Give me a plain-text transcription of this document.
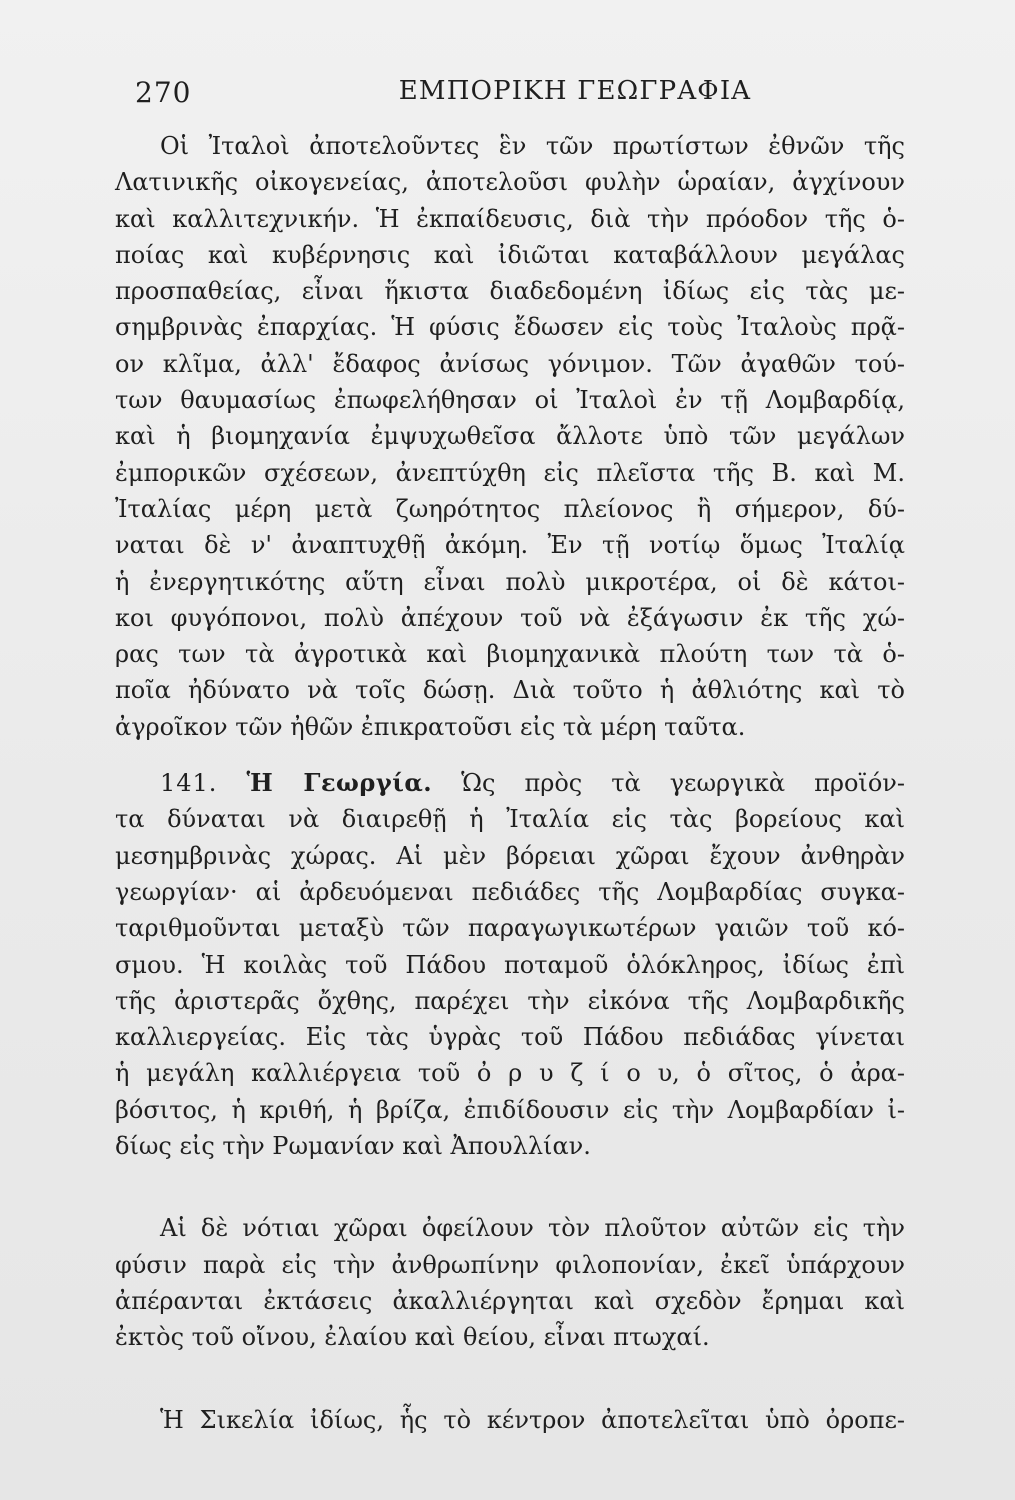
270	ΕΜΠΟΡΙΚΗ ΓΕΩΓΡΑΦΙΑ
Οἱ Ἰταλοὶ ἀποτελοῦντες ἓν τῶν πρωτίστων ἐθνῶν τῆς
Λατινικῆς οἰκογενείας, ἀποτελοῦσι φυλὴν ὡραίαν, ἀγχίνουν
καὶ καλλιτεχνικήν. Ἡ ἐκπαίδευσις, διὰ τὴν πρόοδον τῆς ὁ-
ποίας καὶ κυβέρνησις καὶ ἰδιῶται καταβάλλουν μεγάλας
προσπαθείας, εἶναι ἥκιστα διαδεδομένη ἰδίως εἰς τὰς με-
σημβρινὰς ἐπαρχίας. Ἡ φύσις ἔδωσεν εἰς τοὺς Ἰταλοὺς πρᾷ-
ον κλῖμα, ἀλλ' ἔδαφος ἀνίσως γόνιμον. Τῶν ἀγαθῶν τού-
των θαυμασίως ἐπωφελήθησαν οἱ Ἰταλοὶ ἐν τῇ Λομβαρδίᾳ,
καὶ ἡ βιομηχανία ἐμψυχωθεῖσα ἄλλοτε ὑπὸ τῶν μεγάλων
ἐμπορικῶν σχέσεων, ἀνεπτύχθη εἰς πλεῖστα τῆς Β. καὶ Μ.
Ἰταλίας μέρη μετὰ ζωηρότητος πλείονος ἢ σήμερον, δύ-
ναται δὲ ν' ἀναπτυχθῇ ἀκόμη. Ἐν τῇ νοτίῳ ὅμως Ἰταλίᾳ
ἡ ἐνεργητικότης αὕτη εἶναι πολὺ μικροτέρα, οἱ δὲ κάτοι-
κοι φυγόπονοι, πολὺ ἀπέχουν τοῦ νὰ ἐξάγωσιν ἐκ τῆς χώ-
ρας των τὰ ἀγροτικὰ καὶ βιομηχανικὰ πλούτη των τὰ ὁ-
ποῖα ἠδύνατο νὰ τοῖς δώσῃ. Διὰ τοῦτο ἡ ἀθλιότης καὶ τὸ
ἀγροῖκον τῶν ἠθῶν ἐπικρατοῦσι εἰς τὰ μέρη ταῦτα.
141. Ἡ Γεωργία. Ὡς πρὸς τὰ γεωργικὰ προϊόν-
τα δύναται νὰ διαιρεθῇ ἡ Ἰταλία εἰς τὰς βορείους καὶ
μεσημβρινὰς χώρας. Αἱ μὲν βόρειαι χῶραι ἔχουν ἀνθηρὰν
γεωργίαν· αἱ ἀρδευόμεναι πεδιάδες τῆς Λομβαρδίας συγκα-
ταριθμοῦνται μεταξὺ τῶν παραγωγικωτέρων γαιῶν τοῦ κό-
σμου. Ἡ κοιλὰς τοῦ Πάδου ποταμοῦ ὁλόκληρος, ἰδίως ἐπὶ
τῆς ἀριστερᾶς ὄχθης, παρέχει τὴν εἰκόνα τῆς Λομβαρδικῆς
καλλιεργείας. Εἰς τὰς ὑγρὰς τοῦ Πάδου πεδιάδας γίνεται
ἡ μεγάλη καλλιέργεια τοῦ ὀ ρ υ ζ ί ο υ, ὁ σῖτος, ὁ ἀρα-
βόσιτος, ἡ κριθή, ἡ βρίζα, ἐπιδίδουσιν εἰς τὴν Λομβαρδίαν ἰ-
δίως εἰς τὴν Ρωμανίαν καὶ Ἀπουλλίαν.
Αἱ δὲ νότιαι χῶραι ὀφείλουν τὸν πλοῦτον αὐτῶν εἰς τὴν
φύσιν παρὰ εἰς τὴν ἀνθρωπίνην φιλοπονίαν, ἐκεῖ ὑπάρχουν
ἀπέρανται ἐκτάσεις ἀκαλλιέργηται καὶ σχεδὸν ἔρημαι καὶ
ἐκτὸς τοῦ οἴνου, ἐλαίου καὶ θείου, εἶναι πτωχαί.
Ἡ Σικελία ἰδίως, ἧς τὸ κέντρον ἀποτελεῖται ὑπὸ ὀροπε-
